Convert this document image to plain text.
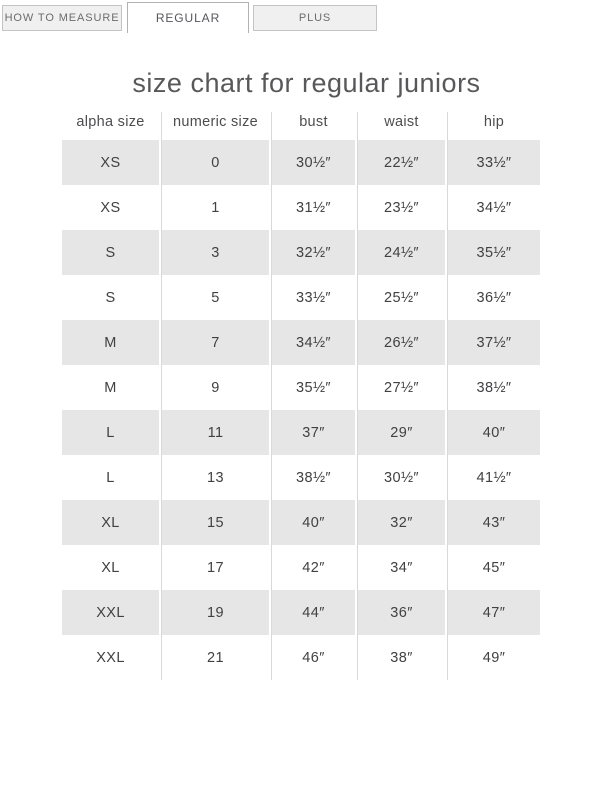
HOW TO MEASURE	REGULAR	PLUS
size chart for regular juniors
alpha size	numeric size	bust	waist	hip
XS	0	30½″	22½″	33½″
XS	1	31½″	23½″	34½″
S	3	32½″	24½″	35½″
S	5	33½″	25½″	36½″
M	7	34½″	26½″	37½″
M	9	35½″	27½″	38½″
L	11	37″	29″	40″
L	13	38½″	30½″	41½″
XL	15	40″	32″	43″
XL	17	42″	34″	45″
XXL	19	44″	36″	47″
XXL	21	46″	38″	49″
